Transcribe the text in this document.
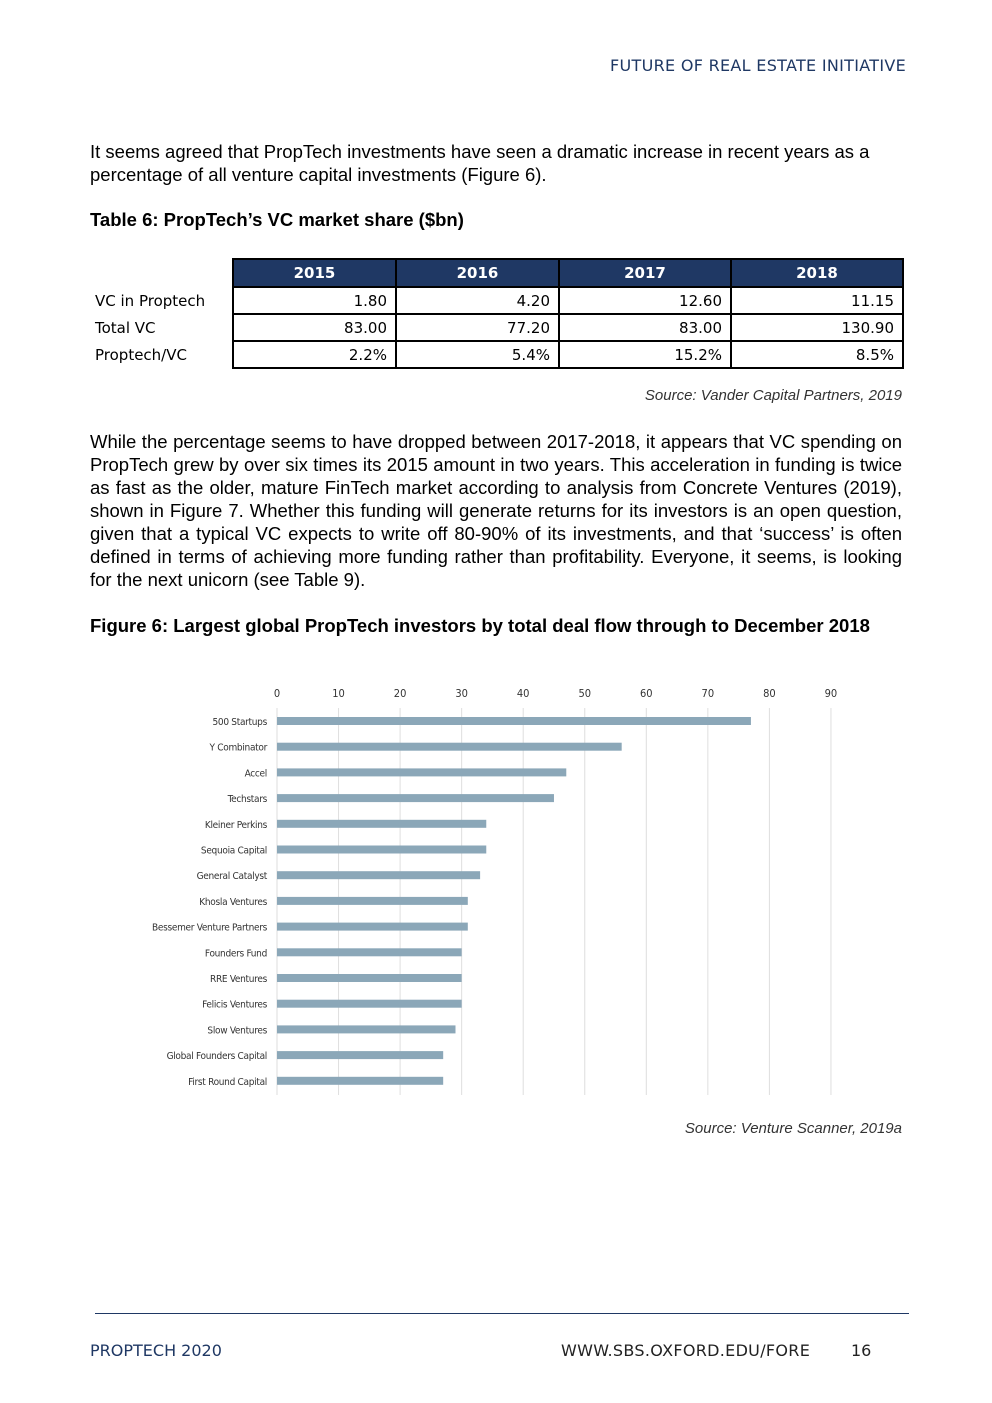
FUTURE OF REAL ESTATE INITIATIVE

It seems agreed that PropTech investments have seen a dramatic increase in recent years as a percentage of all venture capital investments (Figure 6).

Table 6: PropTech’s VC market share ($bn)

	2015	2016	2017	2018
VC in Proptech	1.80	4.20	12.60	11.15
Total VC	83.00	77.20	83.00	130.90
Proptech/VC	2.2%	5.4%	15.2%	8.5%
Source: Vander Capital Partners, 2019

While the percentage seems to have dropped between 2017-2018, it appears that VC spending on PropTech grew by over six times its 2015 amount in two years. This acceleration in funding is twice as fast as the older, mature FinTech market according to analysis from Concrete Ventures (2019), shown in Figure 7. Whether this funding will generate returns for its investors is an open question, given that a typical VC expects to write off 80-90% of its investments, and that ‘success’ is often defined in terms of achieving more funding rather than profitability. Everyone, it seems, is looking for the next unicorn (see Table 9).

Figure 6: Largest global PropTech investors by total deal flow through to December 2018

0	10	20	30	40	50	60	70	80	90
500 Startups
Y Combinator
Accel
Techstars
Kleiner Perkins
Sequoia Capital
General Catalyst
Khosla Ventures
Bessemer Venture Partners
Founders Fund
RRE Ventures
Felicis Ventures
Slow Ventures
Global Founders Capital
First Round Capital
Source: Venture Scanner, 2019a
PROPTECH 2020	WWW.SBS.OXFORD.EDU/FORE	16
